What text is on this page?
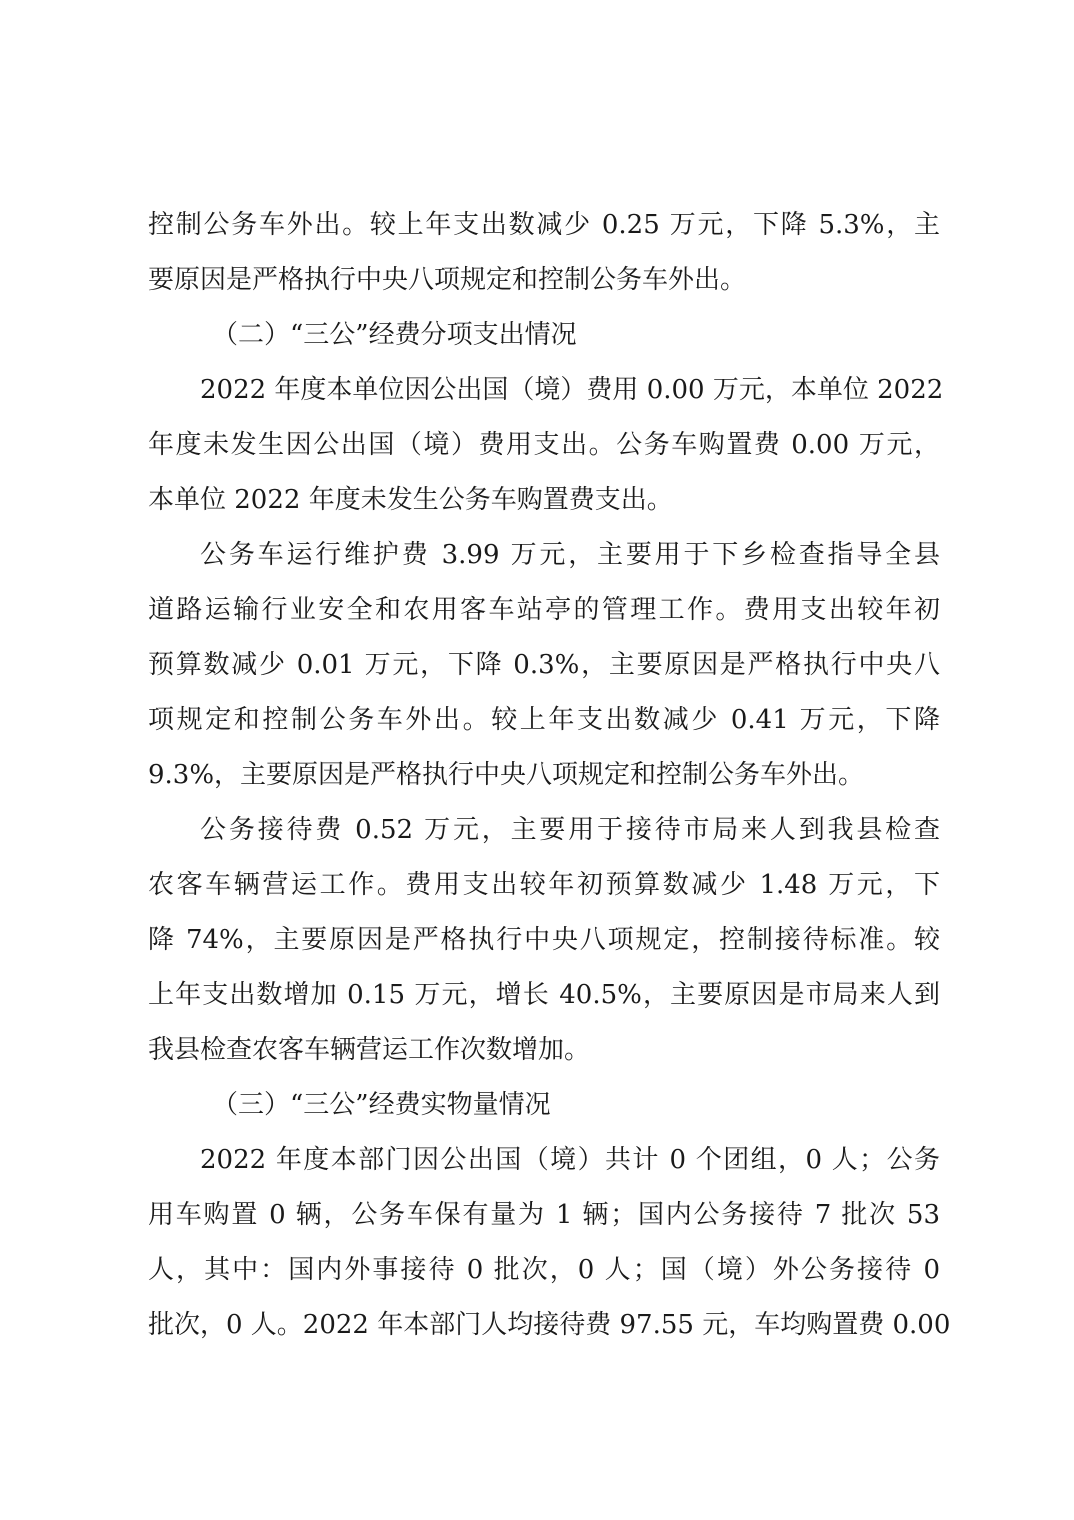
控制公务车外出。较上年支出数减少 0.25 万元，下降 5.3%，主
要原因是严格执行中央八项规定和控制公务车外出。
（二）“三公”经费分项支出情况
2022 年度本单位因公出国（境）费用 0.00 万元，本单位 2022
年度未发生因公出国（境）费用支出。公务车购置费 0.00 万元，
本单位 2022 年度未发生公务车购置费支出。
公务车运行维护费 3.99 万元，主要用于下乡检查指导全县
道路运输行业安全和农用客车站亭的管理工作。费用支出较年初
预算数减少 0.01 万元，下降 0.3%，主要原因是严格执行中央八
项规定和控制公务车外出。较上年支出数减少 0.41 万元，下降
9.3%，主要原因是严格执行中央八项规定和控制公务车外出。
公务接待费 0.52 万元，主要用于接待市局来人到我县检查
农客车辆营运工作。费用支出较年初预算数减少 1.48 万元，下
降 74%，主要原因是严格执行中央八项规定，控制接待标准。较
上年支出数增加 0.15 万元，增长 40.5%，主要原因是市局来人到
我县检查农客车辆营运工作次数增加。
（三）“三公”经费实物量情况
2022 年度本部门因公出国（境）共计 0 个团组，0 人；公务
用车购置 0 辆，公务车保有量为 1 辆；国内公务接待 7 批次 53
人，其中：国内外事接待 0 批次，0 人；国（境）外公务接待 0
批次，0 人。2022 年本部门人均接待费 97.55 元，车均购置费 0.00
